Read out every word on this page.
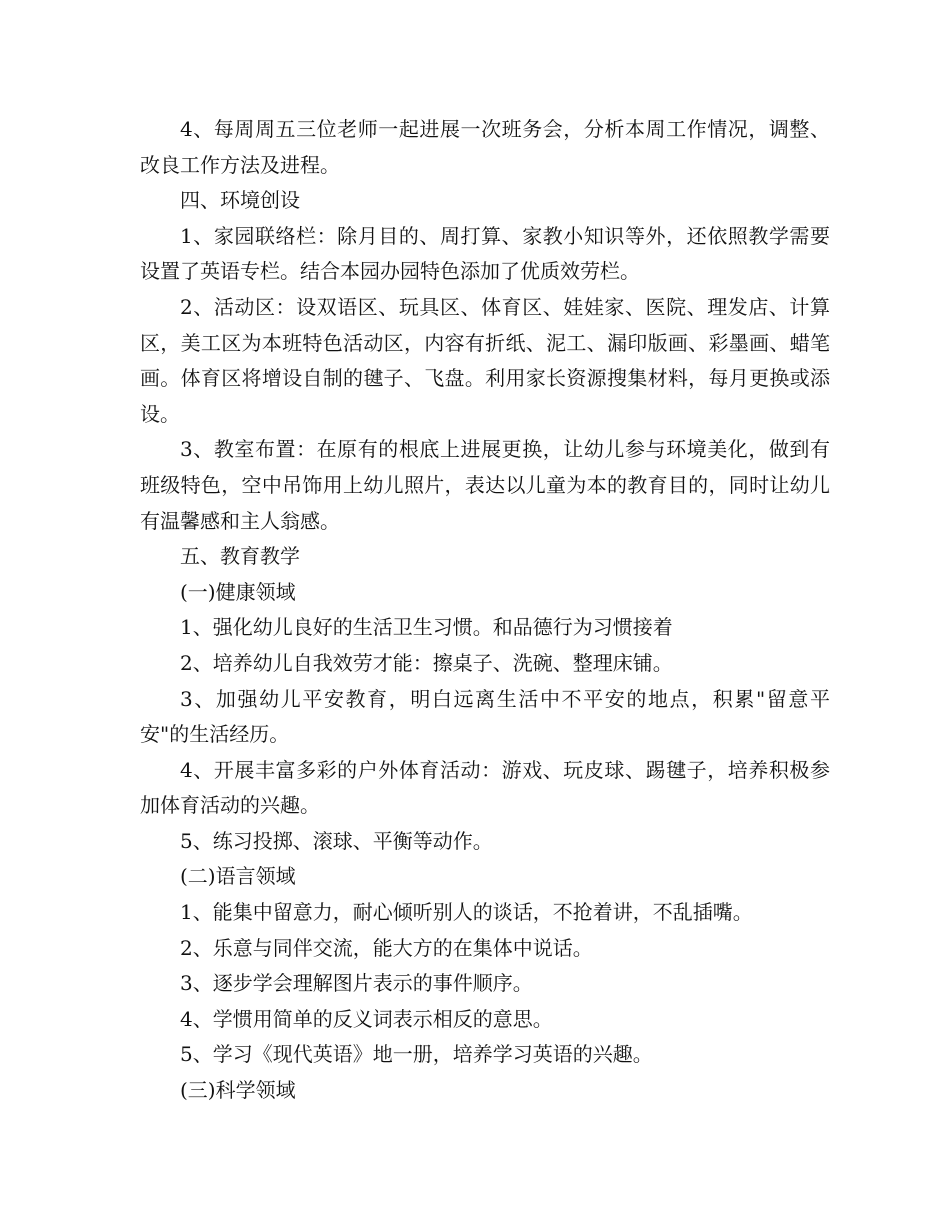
4、每周周五三位老师一起进展一次班务会，分析本周工作情况，调整、改良工作方法及进程。

四、环境创设

1、家园联络栏：除月目的、周打算、家教小知识等外，还依照教学需要设置了英语专栏。结合本园办园特色添加了优质效劳栏。

2、活动区：设双语区、玩具区、体育区、娃娃家、医院、理发店、计算区，美工区为本班特色活动区，内容有折纸、泥工、漏印版画、彩墨画、蜡笔画。体育区将增设自制的毽子、飞盘。利用家长资源搜集材料，每月更换或添设。

3、教室布置：在原有的根底上进展更换，让幼儿参与环境美化，做到有班级特色，空中吊饰用上幼儿照片，表达以儿童为本的教育目的，同时让幼儿有温馨感和主人翁感。

五、教育教学

(一)健康领域

1、强化幼儿良好的生活卫生习惯。和品德行为习惯接着

2、培养幼儿自我效劳才能：擦桌子、洗碗、整理床铺。

3、加强幼儿平安教育，明白远离生活中不平安的地点，积累"留意平安"的生活经历。

4、开展丰富多彩的户外体育活动：游戏、玩皮球、踢毽子，培养积极参加体育活动的兴趣。

5、练习投掷、滚球、平衡等动作。

(二)语言领域

1、能集中留意力，耐心倾听别人的谈话，不抢着讲，不乱插嘴。

2、乐意与同伴交流，能大方的在集体中说话。

3、逐步学会理解图片表示的事件顺序。

4、学惯用简单的反义词表示相反的意思。

5、学习《现代英语》地一册，培养学习英语的兴趣。

(三)科学领域
